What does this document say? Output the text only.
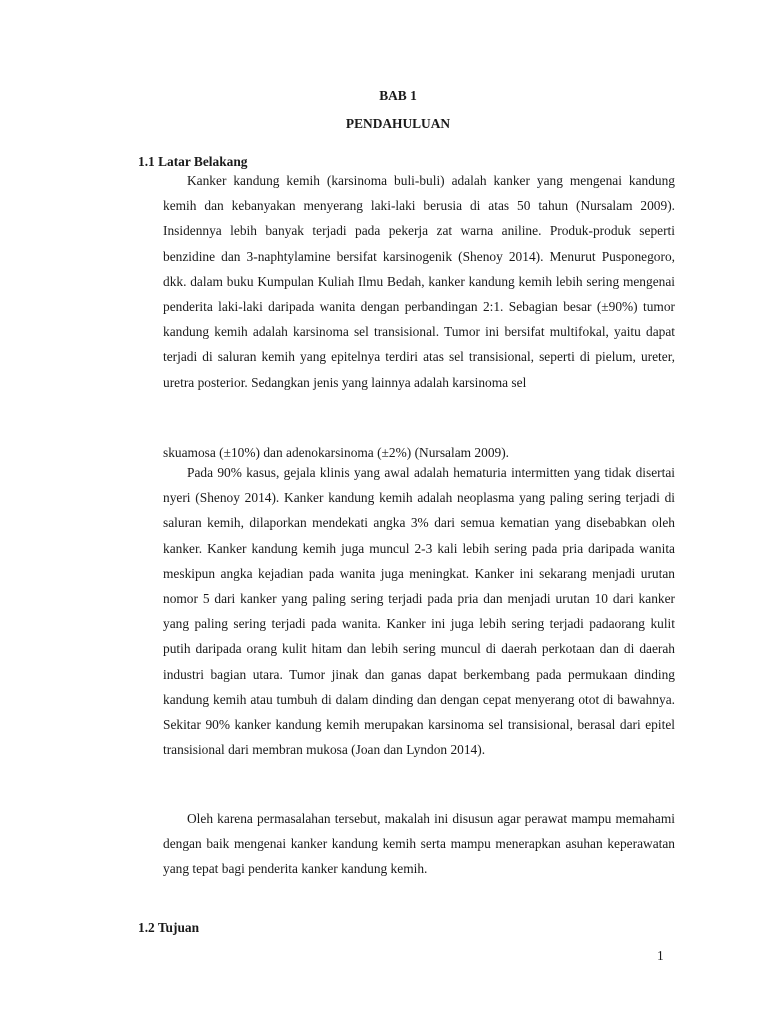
BAB 1
PENDAHULUAN
1.1 Latar Belakang

Kanker kandung kemih (karsinoma buli-buli) adalah kanker yang mengenai kandung kemih dan kebanyakan menyerang laki-laki berusia di atas 50 tahun (Nursalam 2009). Insidennya lebih banyak terjadi pada pekerja zat warna aniline. Produk-produk seperti benzidine dan 3-naphtylamine bersifat karsinogenik (Shenoy 2014). Menurut Pusponegoro, dkk. dalam buku Kumpulan Kuliah Ilmu Bedah, kanker kandung kemih lebih sering mengenai penderita laki-laki daripada wanita dengan perbandingan 2:1. Sebagian besar (±90%) tumor kandung kemih adalah karsinoma sel transisional. Tumor ini bersifat multifokal, yaitu dapat terjadi di saluran kemih yang epitelnya terdiri atas sel transisional, seperti di pielum, ureter, uretra posterior. Sedangkan jenis yang lainnya adalah karsinoma sel

skuamosa (±10%) dan adenokarsinoma (±2%) (Nursalam 2009).

Pada 90% kasus, gejala klinis yang awal adalah hematuria intermitten yang tidak disertai nyeri (Shenoy 2014). Kanker kandung kemih adalah neoplasma yang paling sering terjadi di saluran kemih, dilaporkan mendekati angka 3% dari semua kematian yang disebabkan oleh kanker. Kanker kandung kemih juga muncul 2-3 kali lebih sering pada pria daripada wanita meskipun angka kejadian pada wanita juga meningkat. Kanker ini sekarang menjadi urutan nomor 5 dari kanker yang paling sering terjadi pada pria dan menjadi urutan 10 dari kanker yang paling sering terjadi pada wanita. Kanker ini juga lebih sering terjadi padaorang kulit putih daripada orang kulit hitam dan lebih sering muncul di daerah perkotaan dan di daerah industri bagian utara. Tumor jinak dan ganas dapat berkembang pada permukaan dinding kandung kemih atau tumbuh di dalam dinding dan dengan cepat menyerang otot di bawahnya. Sekitar 90% kanker kandung kemih merupakan karsinoma sel transisional, berasal dari epitel transisional dari membran mukosa (Joan dan Lyndon 2014).

Oleh karena permasalahan tersebut, makalah ini disusun agar perawat mampu memahami dengan baik mengenai kanker kandung kemih serta mampu menerapkan asuhan keperawatan yang tepat bagi penderita kanker kandung kemih.

1.2 Tujuan
1
